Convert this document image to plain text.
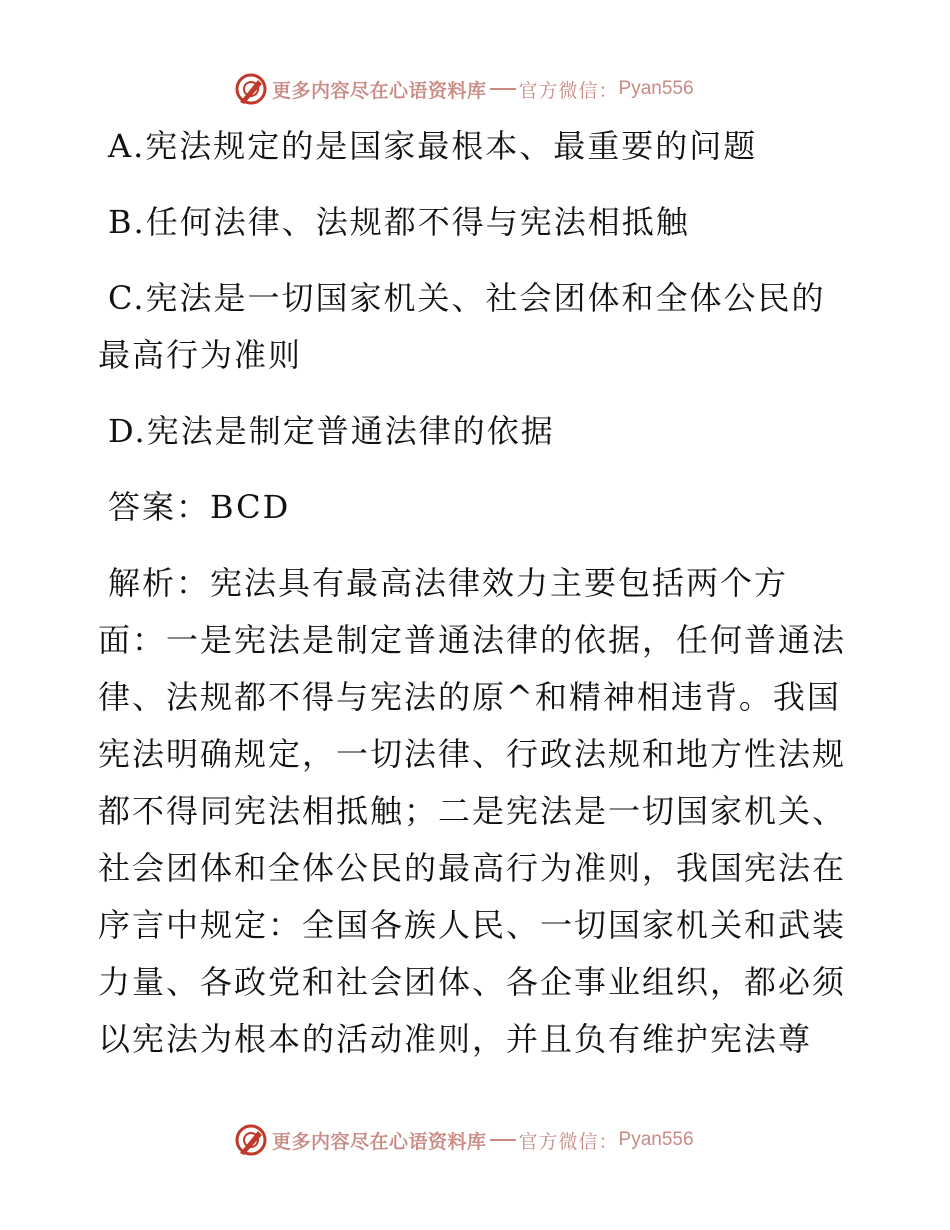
更多内容尽在心语资料库 官方微信： Pyan556
A.宪法规定的是国家最根本、最重要的问题
B.任何法律、法规都不得与宪法相抵触
C.宪法是一切国家机关、社会团体和全体公民的
最高行为准则
D.宪法是制定普通法律的依据
答案：BCD
解析：宪法具有最高法律效力主要包括两个方
面：一是宪法是制定普通法律的依据，任何普通法
律、法规都不得与宪法的原^和精神相违背。我国
宪法明确规定，一切法律、行政法规和地方性法规
都不得同宪法相抵触；二是宪法是一切国家机关、
社会团体和全体公民的最高行为准则，我国宪法在
序言中规定：全国各族人民、一切国家机关和武装
力量、各政党和社会团体、各企事业组织，都必须
以宪法为根本的活动准则，并且负有维护宪法尊
更多内容尽在心语资料库 官方微信： Pyan556
